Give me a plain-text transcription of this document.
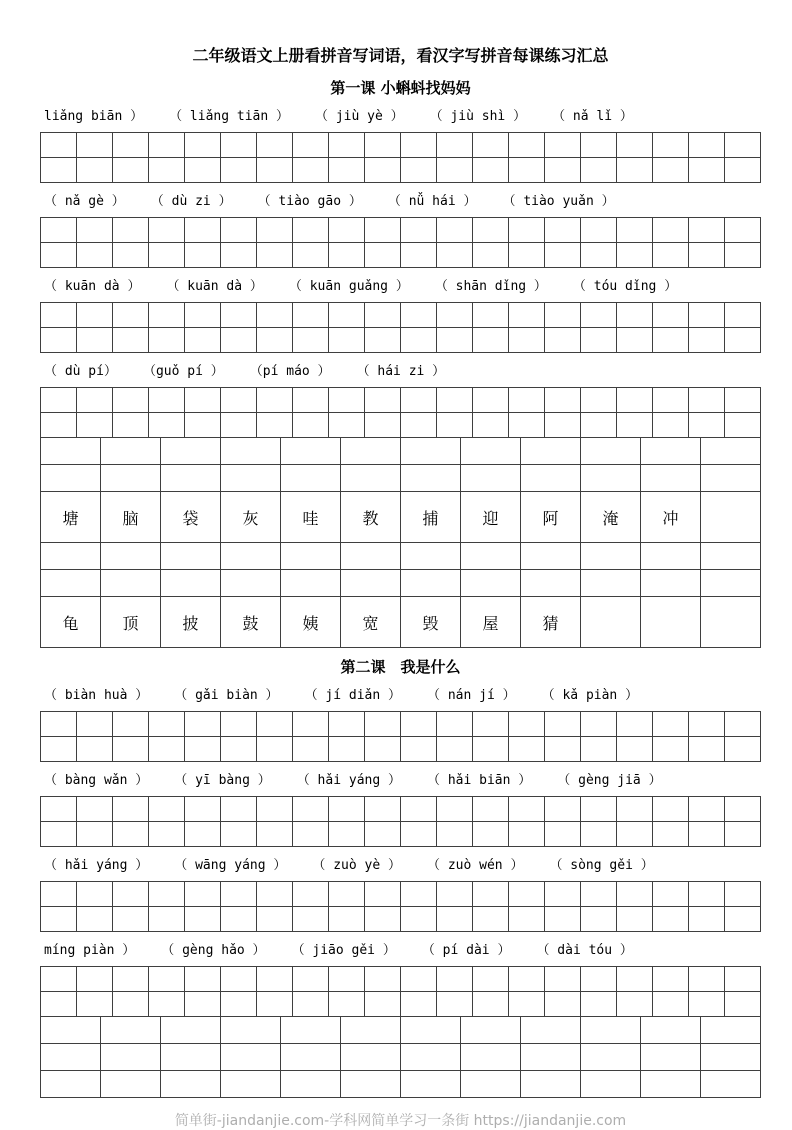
二年级语文上册看拼音写词语，看汉字写拼音每课练习汇总
第一课 小蝌蚪找妈妈
liǎng biān ） （ liǎng tiān ） （ jiù yè ） （ jiù shì ） （ nǎ lǐ ）
（ nǎ gè ） （ dù zi ） （ tiào gāo ） （ nǚ hái ） （ tiào yuǎn ）
（ kuān dà ） （ kuān dà ） （ kuān guǎng ） （ shān dǐng ） （ tóu dǐng ）
（ dù pí） （guǒ pí ） （pí máo ） （ hái zi ）
塘	脑	袋	灰	哇	教	捕	迎	阿	淹	冲
龟	顶	披	鼓	姨	宽	毁	屋	猜
第二课　我是什么
（ biàn huà ） （ gǎi biàn ） （ jí diǎn ） （ nán jí ） （ kǎ piàn ）
（ bàng wǎn ） （ yī bàng ） （ hǎi yáng ） （ hǎi biān ） （ gèng jiā ）
（ hǎi yáng ） （ wāng yáng ） （ zuò yè ） （ zuò wén ） （ sòng gěi ）
míng piàn ） （ gèng hǎo ） （ jiāo gěi ） （ pí dài ） （ dài tóu ）
简单街-jiandanjie.com-学科网简单学习一条街 https://jiandanjie.com
